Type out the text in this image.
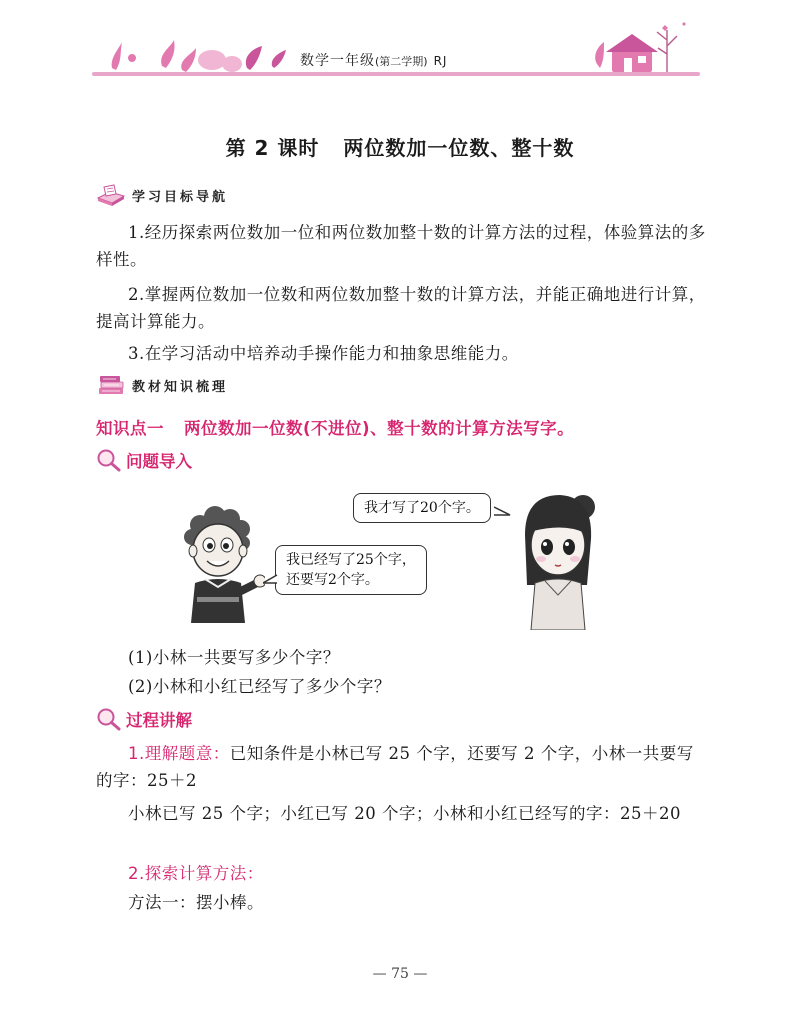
数学一年级(第二学期) RJ
第 2 课时 两位数加一位数、整十数
学习目标导航
1.经历探索两位数加一位和两位数加整十数的计算方法的过程，体验算法的多样性。
2.掌握两位数加一位数和两位数加整十数的计算方法，并能正确地进行计算，提高计算能力。
3.在学习活动中培养动手操作能力和抽象思维能力。
教材知识梳理
知识点一 两位数加一位数(不进位)、整十数的计算方法写字。
问题导入
我已经写了25个字，
还要写2个字。
我才写了20个字。
(1)小林一共要写多少个字？
(2)小林和小红已经写了多少个字？
过程讲解
1.理解题意：已知条件是小林已写 25 个字，还要写 2 个字，小林一共要写的字：25＋2
小林已写 25 个字；小红已写 20 个字；小林和小红已经写的字：25＋20
2.探索计算方法：
方法一：摆小棒。
— 75 —
